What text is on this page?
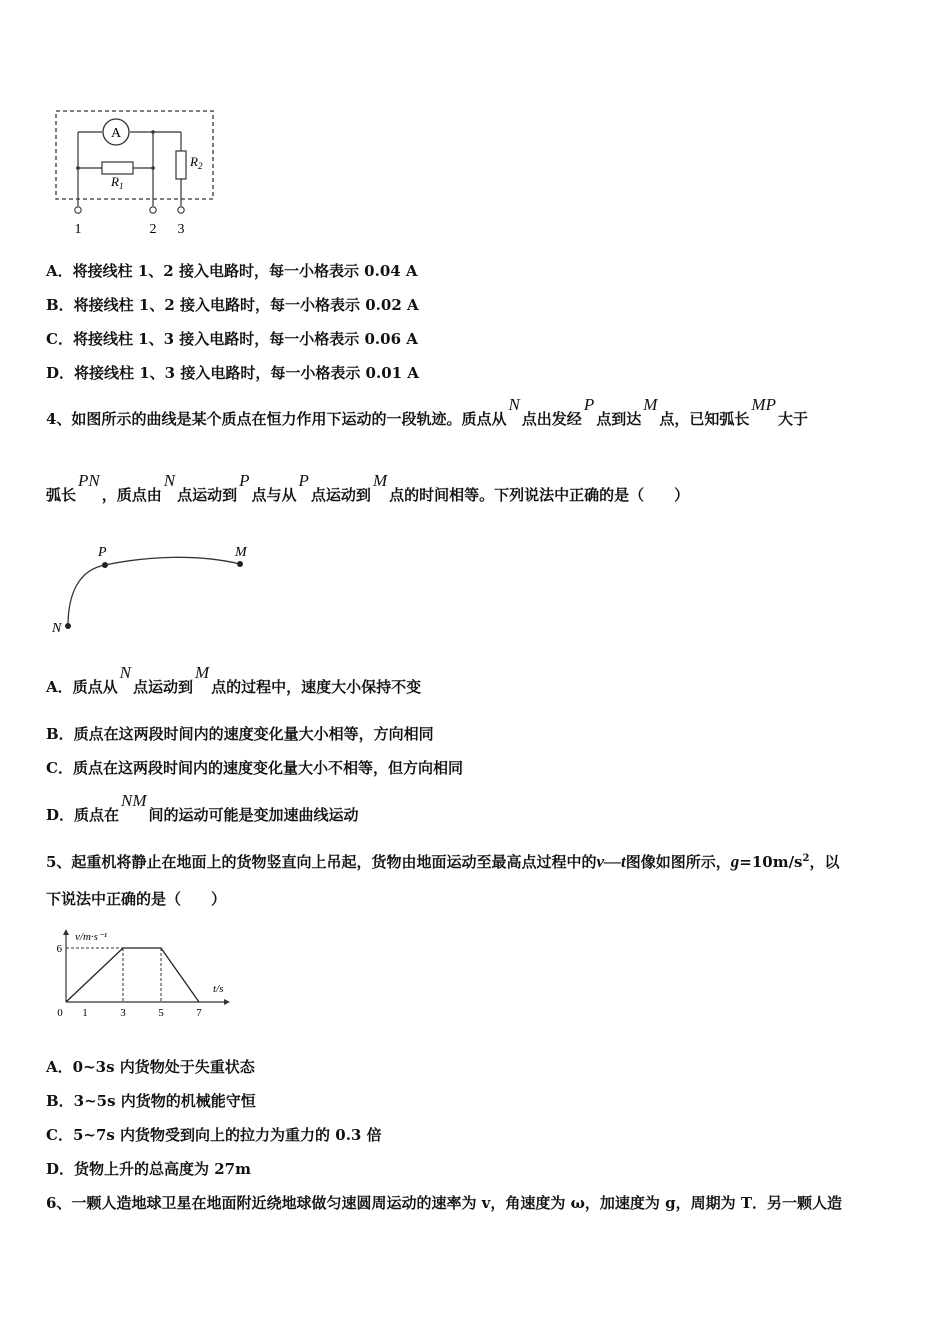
A
$R_1$
$R_2$
1	2 3
A．将接线柱 1、2 接入电路时，每一小格表示 0.04 A
B．将接线柱 1、2 接入电路时，每一小格表示 0.02 A
C．将接线柱 1、3 接入电路时，每一小格表示 0.06 A
D．将接线柱 1、3 接入电路时，每一小格表示 0.01 A
4、如图所示的曲线是某个质点在恒力作用下运动的一段轨迹。质点从N点出发经P点到达M点，已知弧长MP大于
弧长PN，质点由N点运动到P点与从P点运动到M点的时间相等。下列说法中正确的是（　　）
P	M
N
A．质点从N点运动到M点的过程中，速度大小保持不变
B．质点在这两段时间内的速度变化量大小相等，方向相同
C．质点在这两段时间内的速度变化量大小不相等，但方向相同
D．质点在NM间的运动可能是变加速曲线运动
5、起重机将静止在地面上的货物竖直向上吊起，货物由地面运动至最高点过程中的v—t图像如图所示，$g=10m/s^2$，以
下说法中正确的是（　　）
v/m·s⁻¹
t/s
0 1	3	5	7
6
A．0~3s 内货物处于失重状态
B．3~5s 内货物的机械能守恒
C．5~7s 内货物受到向上的拉力为重力的 0.3 倍
D．货物上升的总高度为 27m
6、一颗人造地球卫星在地面附近绕地球做匀速圆周运动的速率为 v，角速度为 ω，加速度为 g，周期为 T．另一颗人造
